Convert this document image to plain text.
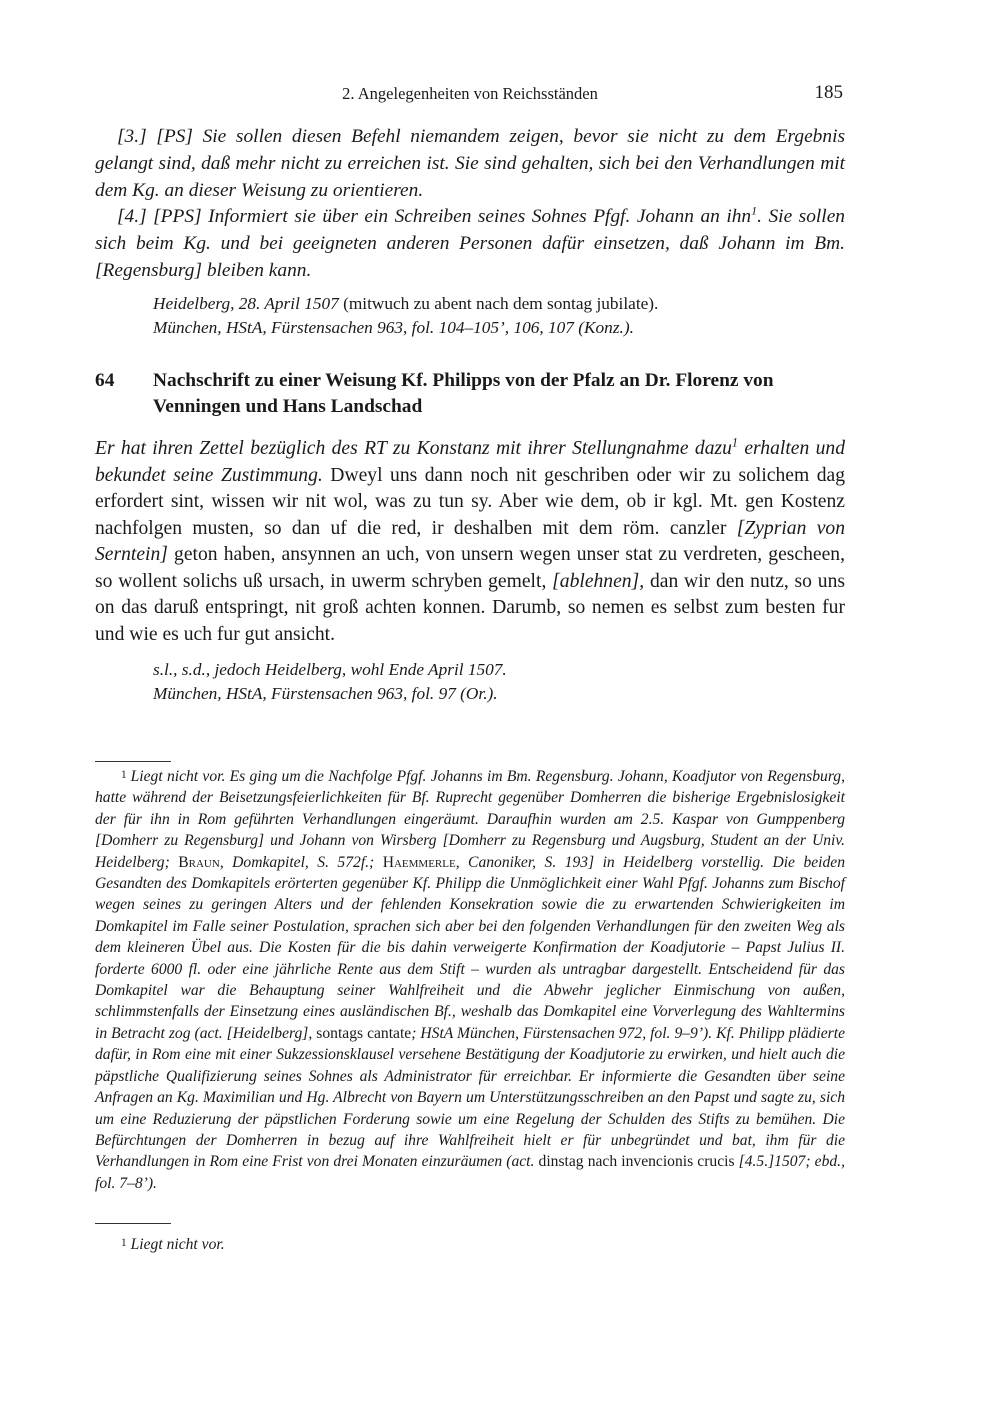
2. Angelegenheiten von Reichsständen	185

[3.] [PS] Sie sollen diesen Befehl niemandem zeigen, bevor sie nicht zu dem Ergebnis gelangt sind, daß mehr nicht zu erreichen ist. Sie sind gehalten, sich bei den Verhandlungen mit dem Kg. an dieser Weisung zu orientieren.

[4.] [PPS] Informiert sie über ein Schreiben seines Sohnes Pfgf. Johann an ihn$^1$. Sie sollen sich beim Kg. und bei geeigneten anderen Personen dafür einsetzen, daß Johann im Bm. [Regensburg] bleiben kann.

Heidelberg, 28. April 1507 (mitwuch zu abent nach dem sontag jubilate).
München, HStA, Fürstensachen 963, fol. 104–105’, 106, 107 (Konz.).
64 Nachschrift zu einer Weisung Kf. Philipps von der Pfalz an Dr. Florenz von Venningen und Hans Landschad

Er hat ihren Zettel bezüglich des RT zu Konstanz mit ihrer Stellungnahme dazu$^1$ erhalten und bekundet seine Zustimmung. Dweyl uns dann noch nit geschriben oder wir zu solichem dag erfordert sint, wissen wir nit wol, was zu tun sy. Aber wie dem, ob ir kgl. Mt. gen Kostenz nachfolgen musten, so dan uf die red, ir deshalben mit dem röm. canzler [Zyprian von Serntein] geton haben, ansynnen an uch, von unsern wegen unser stat zu verdreten, gescheen, so wollent solichs uß ursach, in uwerm schryben gemelt, [ablehnen], dan wir den nutz, so uns on das daruß entspringt, nit groß achten konnen. Darumb, so nemen es selbst zum besten fur und wie es uch fur gut ansicht.

s.l., s.d., jedoch Heidelberg, wohl Ende April 1507.
München, HStA, Fürstensachen 963, fol. 97 (Or.).

1 Liegt nicht vor. Es ging um die Nachfolge Pfgf. Johanns im Bm. Regensburg. Johann, Koadjutor von Regensburg, hatte während der Beisetzungsfeierlichkeiten für Bf. Ruprecht gegenüber Domherren die bisherige Ergebnislosigkeit der für ihn in Rom geführten Verhandlungen eingeräumt. Daraufhin wurden am 2.5. Kaspar von Gumppenberg [Domherr zu Regensburg] und Johann von Wirsberg [Domherr zu Regensburg und Augsburg, Student an der Univ. Heidelberg; Braun, Domkapitel, S. 572f.; Haemmerle, Canoniker, S. 193] in Heidelberg vorstellig. Die beiden Gesandten des Domkapitels erörterten gegenüber Kf. Philipp die Unmöglichkeit einer Wahl Pfgf. Johanns zum Bischof wegen seines zu geringen Alters und der fehlenden Konsekration sowie die zu erwartenden Schwierigkeiten im Domkapitel im Falle seiner Postulation, sprachen sich aber bei den folgenden Verhandlungen für den zweiten Weg als dem kleineren Übel aus. Die Kosten für die bis dahin verweigerte Konfirmation der Koadjutorie – Papst Julius II. forderte 6000 fl. oder eine jährliche Rente aus dem Stift – wurden als untragbar dargestellt. Entscheidend für das Domkapitel war die Behauptung seiner Wahlfreiheit und die Abwehr jeglicher Einmischung von außen, schlimmstenfalls der Einsetzung eines ausländischen Bf., weshalb das Domkapitel eine Vorverlegung des Wahltermins in Betracht zog (act. [Heidelberg], sontags cantate; HStA München, Fürstensachen 972, fol. 9–9’). Kf. Philipp plädierte dafür, in Rom eine mit einer Sukzessionsklausel versehene Bestätigung der Koadjutorie zu erwirken, und hielt auch die päpstliche Qualifizierung seines Sohnes als Administrator für erreichbar. Er informierte die Gesandten über seine Anfragen an Kg. Maximilian und Hg. Albrecht von Bayern um Unterstützungsschreiben an den Papst und sagte zu, sich um eine Reduzierung der päpstlichen Forderung sowie um eine Regelung der Schulden des Stifts zu bemühen. Die Befürchtungen der Domherren in bezug auf ihre Wahlfreiheit hielt er für unbegründet und bat, ihm für die Verhandlungen in Rom eine Frist von drei Monaten einzuräumen (act. dinstag nach invencionis crucis [4.5.]1507; ebd., fol. 7–8’).

1 Liegt nicht vor.
